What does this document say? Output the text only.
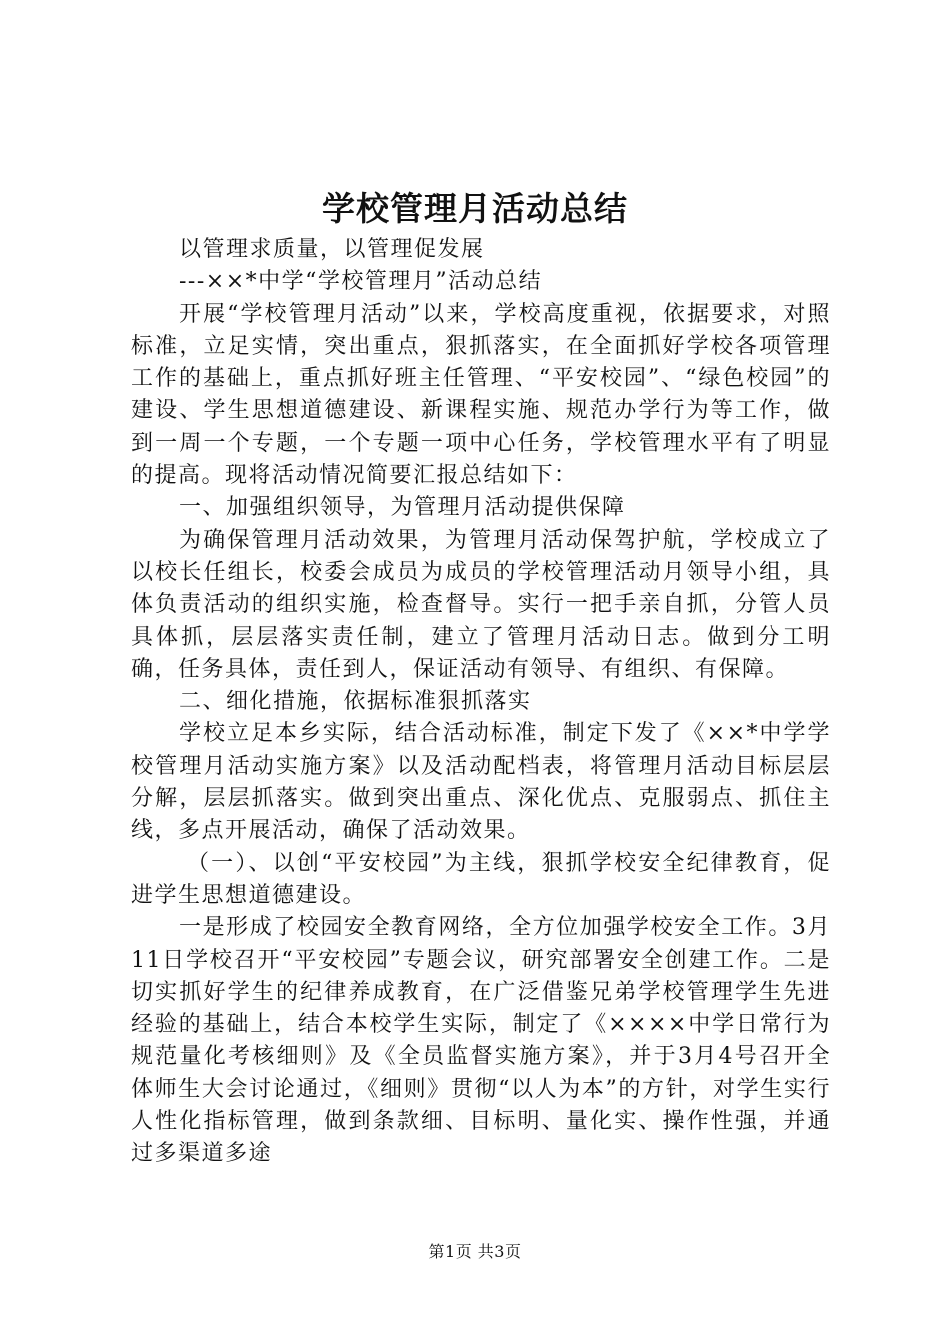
学校管理月活动总结

以管理求质量，以管理促发展

---××*中学“学校管理月”活动总结

开展“学校管理月活动”以来，学校高度重视，依据要求，对照标准，立足实情，突出重点，狠抓落实，在全面抓好学校各项管理工作的基础上，重点抓好班主任管理、“平安校园”、“绿色校园”的建设、学生思想道德建设、新课程实施、规范办学行为等工作，做到一周一个专题，一个专题一项中心任务，学校管理水平有了明显的提高。现将活动情况简要汇报总结如下：

一、加强组织领导，为管理月活动提供保障

为确保管理月活动效果，为管理月活动保驾护航，学校成立了以校长任组长，校委会成员为成员的学校管理活动月领导小组，具体负责活动的组织实施，检查督导。实行一把手亲自抓，分管人员具体抓，层层落实责任制，建立了管理月活动日志。做到分工明确，任务具体，责任到人，保证活动有领导、有组织、有保障。

二、细化措施，依据标准狠抓落实

学校立足本乡实际，结合活动标准，制定下发了《××*中学学校管理月活动实施方案》以及活动配档表，将管理月活动目标层层分解，层层抓落实。做到突出重点、深化优点、克服弱点、抓住主线，多点开展活动，确保了活动效果。

（一）、以创“平安校园”为主线，狠抓学校安全纪律教育，促进学生思想道德建设。

一是形成了校园安全教育网络，全方位加强学校安全工作。3月11日学校召开“平安校园”专题会议，研究部署安全创建工作。二是切实抓好学生的纪律养成教育，在广泛借鉴兄弟学校管理学生先进经验的基础上，结合本校学生实际，制定了《××××中学日常行为规范量化考核细则》及《全员监督实施方案》，并于3月4号召开全体师生大会讨论通过，《细则》贯彻“以人为本”的方针，对学生实行人性化指标管理，做到条款细、目标明、量化实、操作性强，并通过多渠道多途

第1页 共3页
